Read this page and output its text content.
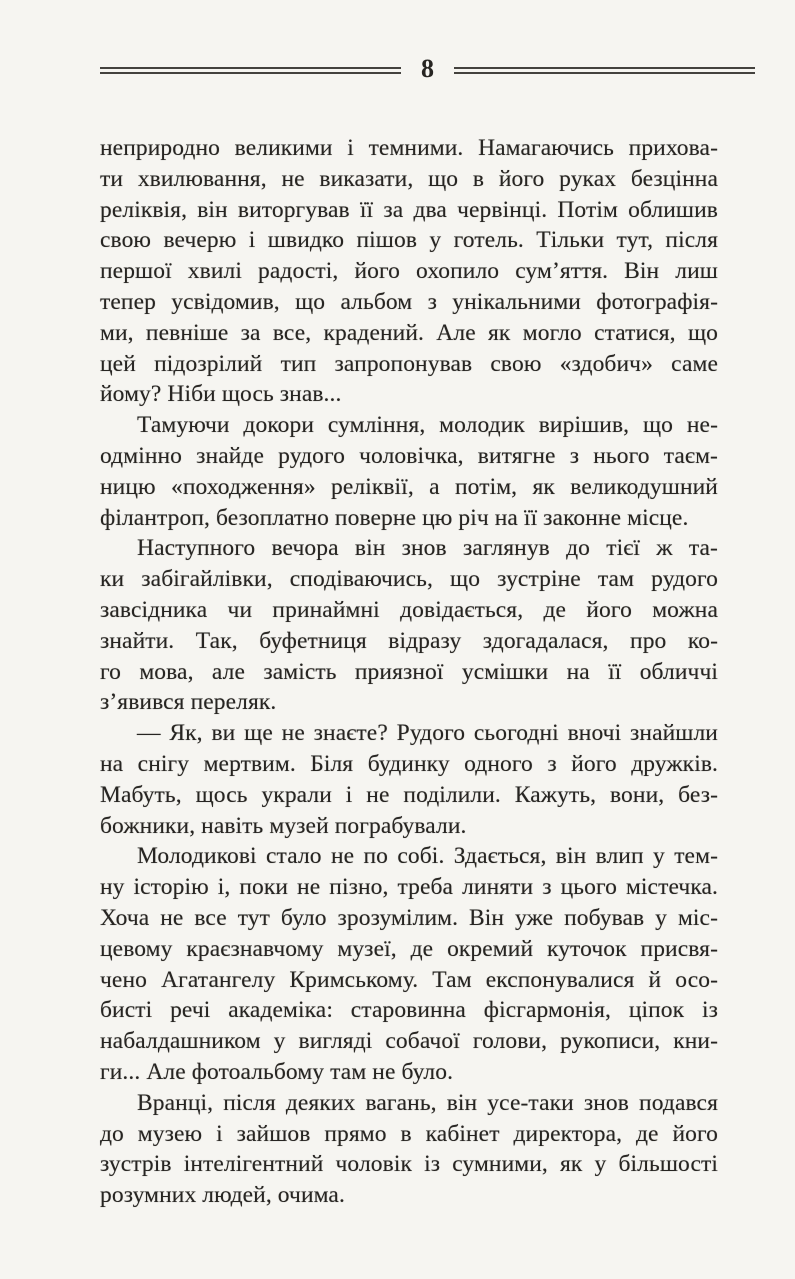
8
неприродно великими і темними. Намагаючись прихова-
ти хвилювання, не виказати, що в його руках безцінна
реліквія, він виторгував її за два червінці. Потім облишив
свою вечерю і швидко пішов у готель. Тільки тут, після
першої хвилі радості, його охопило сум’яття. Він лиш
тепер усвідомив, що альбом з унікальними фотографія-
ми, певніше за все, крадений. Але як могло статися, що
цей підозрілий тип запропонував свою «здобич» саме
йому? Ніби щось знав...
Тамуючи докори сумління, молодик вирішив, що не-
одмінно знайде рудого чоловічка, витягне з нього таєм-
ницю «походження» реліквії, а потім, як великодушний
філантроп, безоплатно поверне цю річ на її законне місце.
Наступного вечора він знов заглянув до тієї ж та-
ки забігайлівки, сподіваючись, що зустріне там рудого
завсідника чи принаймні довідається, де його можна
знайти. Так, буфетниця відразу здогадалася, про ко-
го мова, але замість приязної усмішки на її обличчі
з’явився переляк.
— Як, ви ще не знаєте? Рудого сьогодні вночі знайшли
на снігу мертвим. Біля будинку одного з його дружків.
Мабуть, щось украли і не поділили. Кажуть, вони, без-
божники, навіть музей пограбували.
Молодикові стало не по собі. Здається, він влип у тем-
ну історію і, поки не пізно, треба линяти з цього містечка.
Хоча не все тут було зрозумілим. Він уже побував у міс-
цевому краєзнавчому музеї, де окремий куточок присвя-
чено Агатангелу Кримському. Там експонувалися й осо-
бисті речі академіка: старовинна фісгармонія, ціпок із
набалдашником у вигляді собачої голови, рукописи, кни-
ги... Але фотоальбому там не було.
Вранці, після деяких вагань, він усе-таки знов подався
до музею і зайшов прямо в кабінет директора, де його
зустрів інтелігентний чоловік із сумними, як у більшості
розумних людей, очима.
